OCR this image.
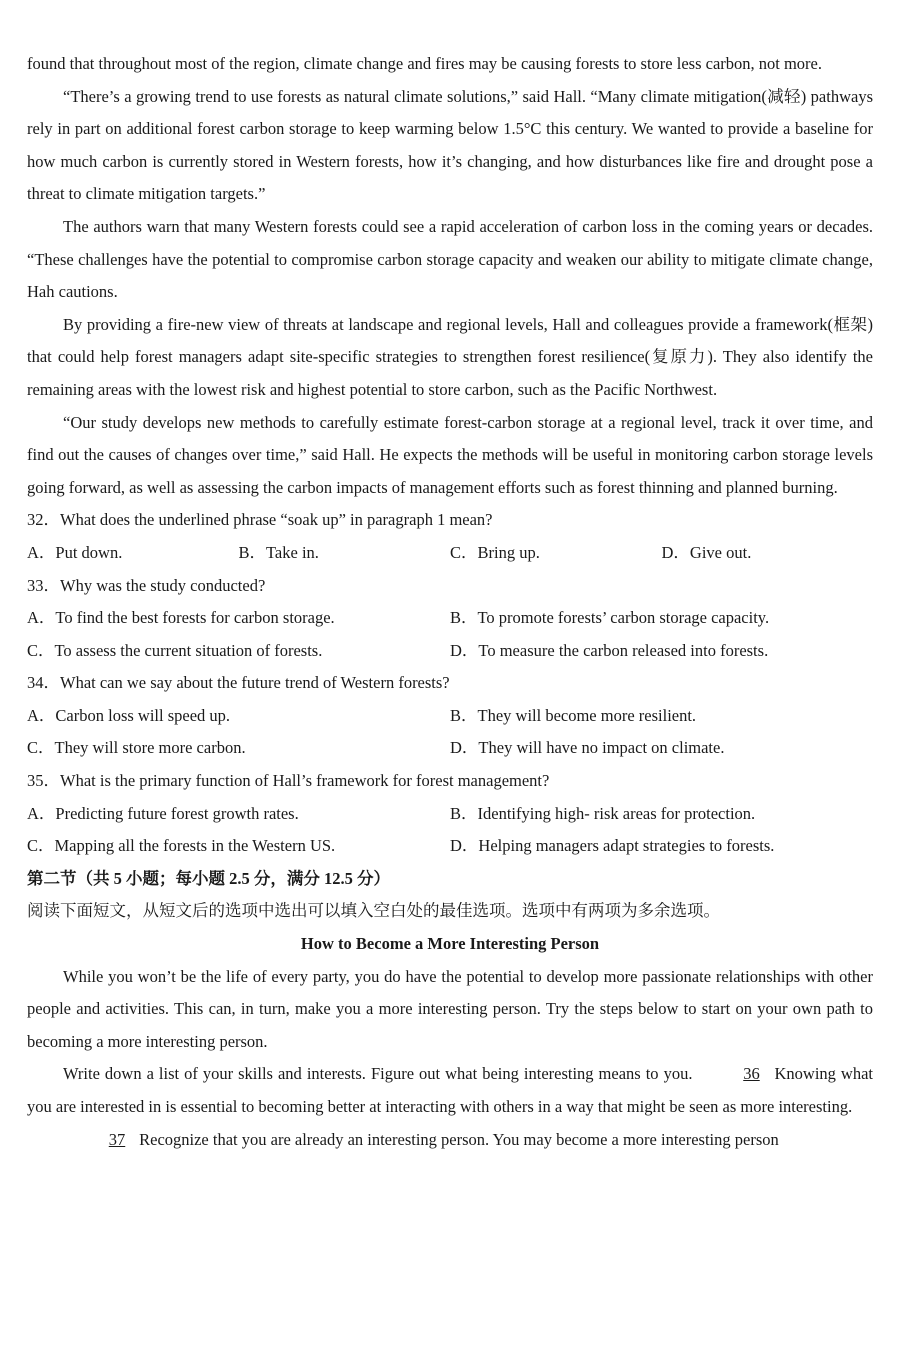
found that throughout most of the region, climate change and fires may be causing forests to store less carbon, not more.

“There’s a growing trend to use forests as natural climate solutions,” said Hall. “Many climate mitigation(减轻) pathways rely in part on additional forest carbon storage to keep warming below 1.5°C this century. We wanted to provide a baseline for how much carbon is currently stored in Western forests, how it’s changing, and how disturbances like fire and drought pose a threat to climate mitigation targets.”

The authors warn that many Western forests could see a rapid acceleration of carbon loss in the coming years or decades. “These challenges have the potential to compromise carbon storage capacity and weaken our ability to mitigate climate change, Hah cautions.

By providing a fire-new view of threats at landscape and regional levels, Hall and colleagues provide a framework(框架) that could help forest managers adapt site-specific strategies to strengthen forest resilience(复原力). They also identify the remaining areas with the lowest risk and highest potential to store carbon, such as the Pacific Northwest.

“Our study develops new methods to carefully estimate forest-carbon storage at a regional level, track it over time, and find out the causes of changes over time,” said Hall. He expects the methods will be useful in monitoring carbon storage levels going forward, as well as assessing the carbon impacts of management efforts such as forest thinning and planned burning.

32．What does the underlined phrase “soak up” in paragraph 1 mean?

A．Put down.	B．Take in.	C．Bring up.	D．Give out.

33．Why was the study conducted?

A．To find the best forests for carbon storage.	B．To promote forests’ carbon storage capacity.
C．To assess the current situation of forests.	D．To measure the carbon released into forests.

34．What can we say about the future trend of Western forests?

A．Carbon loss will speed up.	B．They will become more resilient.
C．They will store more carbon.	D．They will have no impact on climate.

35．What is the primary function of Hall’s framework for forest management?

A．Predicting future forest growth rates.	B．Identifying high- risk areas for protection.
C．Mapping all the forests in the Western US.	D．Helping managers adapt strategies to forests.

第二节（共 5 小题；每小题 2.5 分，满分 12.5 分）

阅读下面短文，从短文后的选项中选出可以填入空白处的最佳选项。选项中有两项为多余选项。

How to Become a More Interesting Person

While you won’t be the life of every party, you do have the potential to develop more passionate relationships with other people and activities. This can, in turn, make you a more interesting person. Try the steps below to start on your own path to becoming a more interesting person.

Write down a list of your skills and interests. Figure out what being interesting means to you.	36 Knowing what you are interested in is essential to becoming better at interacting with others in a way that might be seen as more interesting.

37 Recognize that you are already an interesting person. You may become a more interesting person
